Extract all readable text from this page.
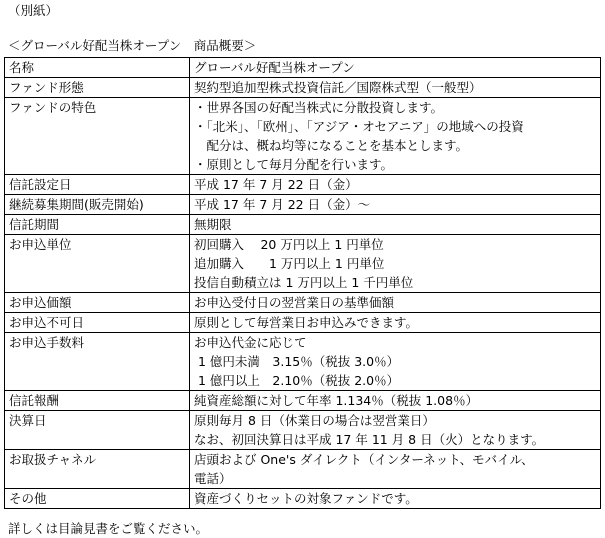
（別紙）
＜グローバル好配当株オープン　商品概要＞
名称	グローバル好配当株オープン

ファンド形態	契約型追加型株式投資信託／国際株式型（一般型）

ファンドの特色	・世界各国の好配当株式に分散投資します。
・「北米」、「欧州」、「アジア・オセアニア」の地域への投資
　配分は、概ね均等になることを基本とします。
・原則として毎月分配を行います。

信託設定日	平成 17 年 7 月 22 日（金）

継続募集期間(販売開始)	平成 17 年 7 月 22 日（金）～

信託期間	無期限

お申込単位	初回購入　 20 万円以上 1 円単位
追加購入　　1 万円以上 1 円単位
投信自動積立は 1 万円以上 1 千円単位

お申込価額	お申込受付日の翌営業日の基準価額

お申込不可日	原則として毎営業日お申込みできます。

お申込手数料	お申込代金に応じて
1 億円未満　3.15％（税抜 3.0％）
1 億円以上　2.10％（税抜 2.0％）

信託報酬	純資産総額に対して年率 1.134％（税抜 1.08％）

決算日	原則毎月 8 日（休業日の場合は翌営業日）
なお、初回決算日は平成 17 年 11 月 8 日（火）となります。

お取扱チャネル	店頭および One's ダイレクト（インターネット、モバイル、
電話）

その他	資産づくりセットの対象ファンドです。
詳しくは目論見書をご覧ください。
